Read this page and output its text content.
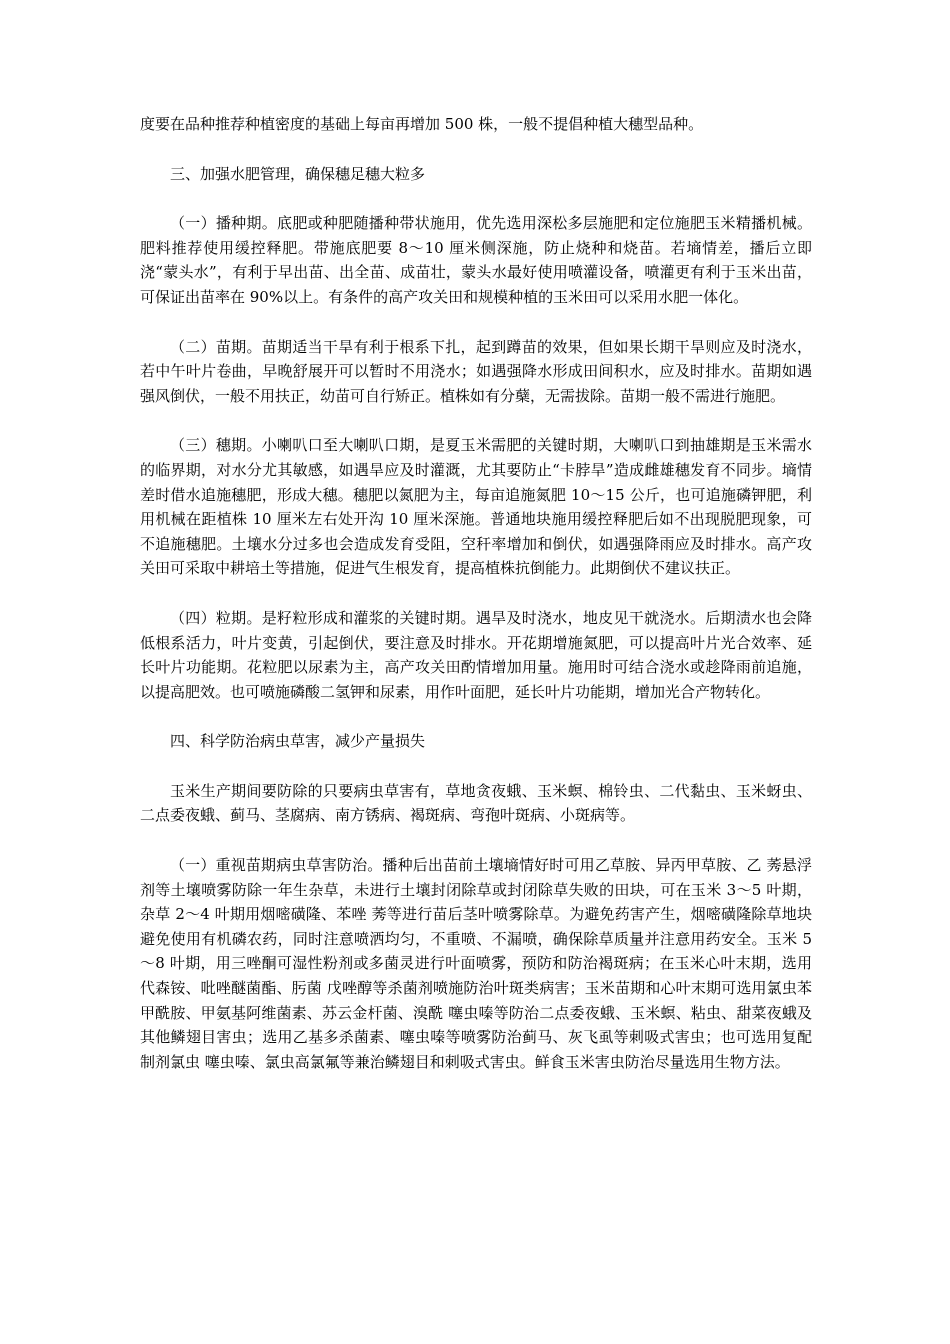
度要在品种推荐种植密度的基础上每亩再增加 500 株，一般不提倡种植大穗型品种。

三、加强水肥管理，确保穗足穗大粒多

（一）播种期。底肥或种肥随播种带状施用，优先选用深松多层施肥和定位施肥玉米精播机械。肥料推荐使用缓控释肥。带施底肥要 8～10 厘米侧深施，防止烧种和烧苗。若墒情差，播后立即浇“蒙头水”，有利于早出苗、出全苗、成苗壮，蒙头水最好使用喷灌设备，喷灌更有利于玉米出苗，可保证出苗率在 90%以上。有条件的高产攻关田和规模种植的玉米田可以采用水肥一体化。

（二）苗期。苗期适当干旱有利于根系下扎，起到蹲苗的效果，但如果长期干旱则应及时浇水，若中午叶片卷曲，早晚舒展开可以暂时不用浇水；如遇强降水形成田间积水，应及时排水。苗期如遇强风倒伏，一般不用扶正，幼苗可自行矫正。植株如有分蘖，无需拔除。苗期一般不需进行施肥。

（三）穗期。小喇叭口至大喇叭口期，是夏玉米需肥的关键时期，大喇叭口到抽雄期是玉米需水的临界期，对水分尤其敏感，如遇旱应及时灌溉，尤其要防止“卡脖旱”造成雌雄穗发育不同步。墒情差时借水追施穗肥，形成大穗。穗肥以氮肥为主，每亩追施氮肥 10～15 公斤，也可追施磷钾肥，利用机械在距植株 10 厘米左右处开沟 10 厘米深施。普通地块施用缓控释肥后如不出现脱肥现象，可不追施穗肥。土壤水分过多也会造成发育受阻，空秆率增加和倒伏，如遇强降雨应及时排水。高产攻关田可采取中耕培土等措施，促进气生根发育，提高植株抗倒能力。此期倒伏不建议扶正。

（四）粒期。是籽粒形成和灌浆的关键时期。遇旱及时浇水，地皮见干就浇水。后期渍水也会降低根系活力，叶片变黄，引起倒伏，要注意及时排水。开花期增施氮肥，可以提高叶片光合效率、延长叶片功能期。花粒肥以尿素为主，高产攻关田酌情增加用量。施用时可结合浇水或趁降雨前追施，以提高肥效。也可喷施磷酸二氢钾和尿素，用作叶面肥，延长叶片功能期，增加光合产物转化。

四、科学防治病虫草害，减少产量损失

玉米生产期间要防除的只要病虫草害有，草地贪夜蛾、玉米螟、棉铃虫、二代黏虫、玉米蚜虫、二点委夜蛾、蓟马、茎腐病、南方锈病、褐斑病、弯孢叶斑病、小斑病等。

（一）重视苗期病虫草害防治。播种后出苗前土壤墒情好时可用乙草胺、异丙甲草胺、乙 莠悬浮剂等土壤喷雾防除一年生杂草，未进行土壤封闭除草或封闭除草失败的田块，可在玉米 3～5 叶期，杂草 2～4 叶期用烟嘧磺隆、苯唑 莠等进行苗后茎叶喷雾除草。为避免药害产生，烟嘧磺隆除草地块避免使用有机磷农药，同时注意喷洒均匀，不重喷、不漏喷，确保除草质量并注意用药安全。玉米 5～8 叶期，用三唑酮可湿性粉剂或多菌灵进行叶面喷雾，预防和防治褐斑病；在玉米心叶末期，选用代森铵、吡唑醚菌酯、肟菌 戊唑醇等杀菌剂喷施防治叶斑类病害；玉米苗期和心叶末期可选用氯虫苯甲酰胺、甲氨基阿维菌素、苏云金杆菌、溴酰 噻虫嗪等防治二点委夜蛾、玉米螟、粘虫、甜菜夜蛾及其他鳞翅目害虫；选用乙基多杀菌素、噻虫嗪等喷雾防治蓟马、灰飞虱等刺吸式害虫；也可选用复配制剂氯虫 噻虫嗪、氯虫高氯氟等兼治鳞翅目和刺吸式害虫。鲜食玉米害虫防治尽量选用生物方法。
